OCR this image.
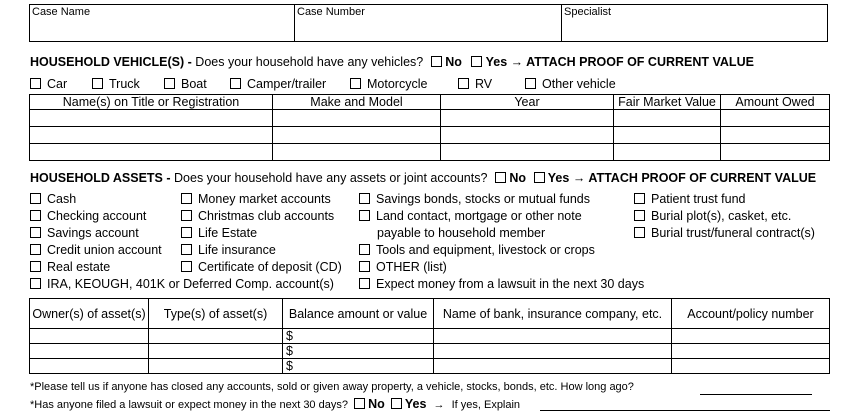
Case Name	Case Number	Specialist
HOUSEHOLD VEHICLE(S) - Does your household have any vehicles? No Yes → ATTACH PROOF OF CURRENT VALUE
Car	Truck	Boat	Camper/trailer	Motorcycle	RV	Other vehicle
Name(s) on Title or Registration	Make and Model	Year	Fair Market Value	Amount Owed

HOUSEHOLD ASSETS - Does your household have any assets or joint accounts? No Yes → ATTACH PROOF OF CURRENT VALUE
Cash
Checking account
Savings account
Credit union account
Real estate
IRA, KEOUGH, 401K or Deferred Comp. account(s)
Money market accounts
Christmas club accounts
Life Estate
Life insurance
Certificate of deposit (CD)
Savings bonds, stocks or mutual funds
Land contact, mortgage or other note
payable to household member
Tools and equipment, livestock or crops
OTHER (list)
Expect money from a lawsuit in the next 30 days
Patient trust fund
Burial plot(s), casket, etc.
Burial trust/funeral contract(s)
Owner(s) of asset(s)	Type(s) of asset(s)	Balance amount or value	Name of bank, insurance company, etc.	Account/policy number
		$		
		$		
		$		
*Please tell us if anyone has closed any accounts, sold or given away property, a vehicle, stocks, bonds, etc. How long ago?
*Has anyone filed a lawsuit or expect money in the next 30 days? No Yes → If yes, Explain
